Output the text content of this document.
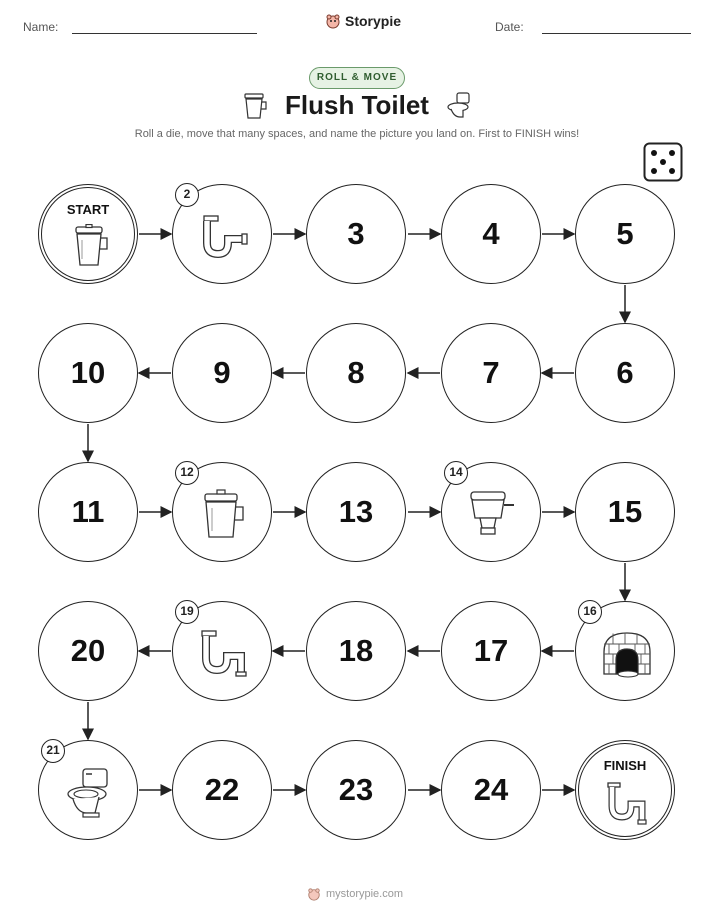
Name:	Storypie	Date:
ROLL & MOVE
Flush Toilet
Roll a die, move that many spaces, and name the picture you land on. First to FINISH wins!
START
2
3	4	5
6
7
8
9
10
11
12
13
14
15
16
17
18
19
20
21
22	23	24
FINISH
mystorypie.com
